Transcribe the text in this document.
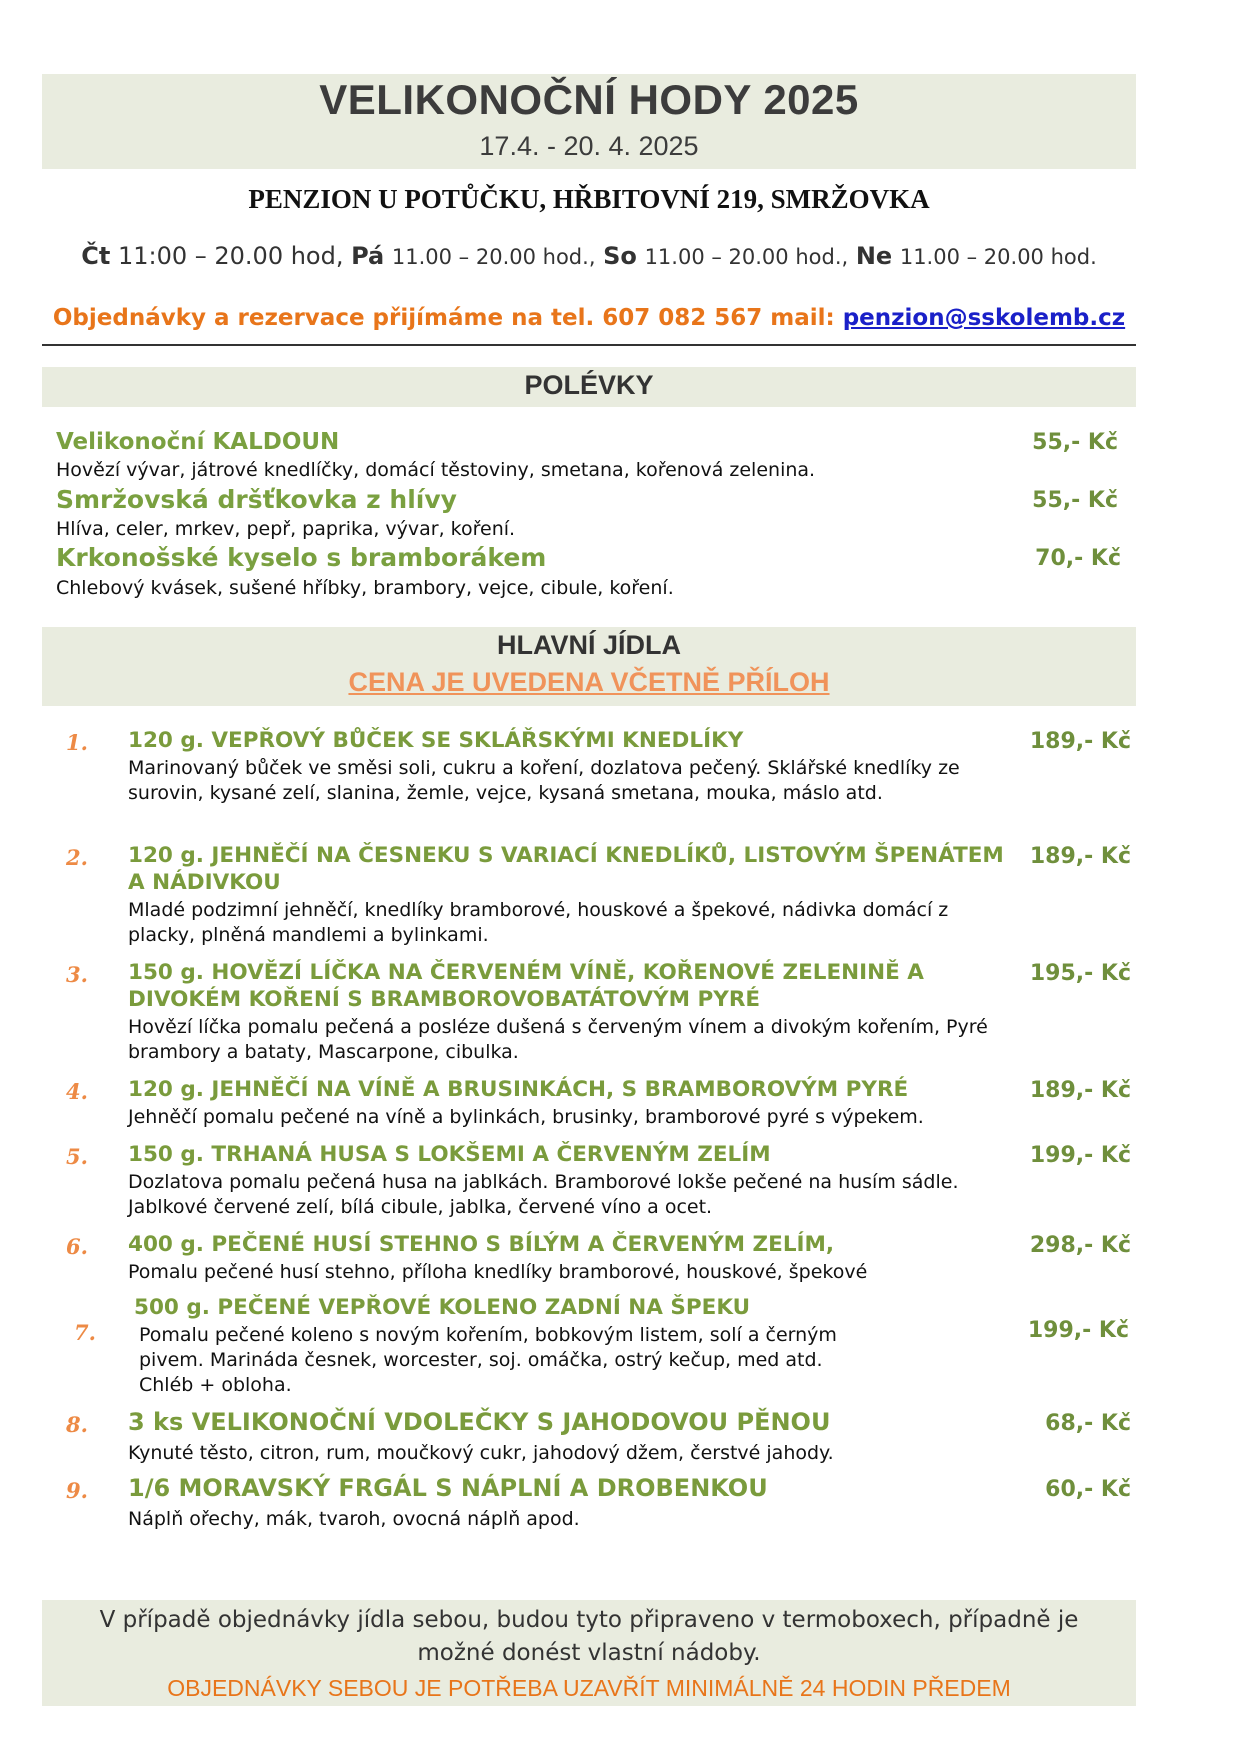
VELIKONOČNÍ HODY 2025
17.4. - 20. 4. 2025
PENZION U POTŮČKU, HŘBITOVNÍ 219, SMRŽOVKA
Čt 11:00 – 20.00 hod, Pá 11.00 – 20.00 hod., So 11.00 – 20.00 hod., Ne 11.00 – 20.00 hod.
Objednávky a rezervace přijímáme na tel. 607 082 567 mail: penzion@sskolemb.cz
POLÉVKY
Velikonoční KALDOUN
Hovězí vývar, játrové knedlíčky, domácí těstoviny, smetana, kořenová zelenina.
55,- Kč
Smržovská dršťkovka z hlívy
Hlíva, celer, mrkev, pepř, paprika, vývar, koření.
55,- Kč
Krkonošské kyselo s bramborákem
Chlebový kvásek, sušené hříbky, brambory, vejce, cibule, koření.
70,- Kč
HLAVNÍ JÍDLA
CENA JE UVEDENA VČETNĚ PŘÍLOH
1. 120 g. VEPŘOVÝ BŮČEK SE SKLÁŘSKÝMI KNEDLÍKY
Marinovaný bůček ve směsi soli, cukru a koření, dozlatova pečený. Sklářské knedlíky ze surovin, kysané zelí, slanina, žemle, vejce, kysaná smetana, mouka, máslo atd.
189,- Kč
2. 120 g. JEHNĚČÍ NA ČESNEKU S VARIACÍ KNEDLÍKŮ, LISTOVÝM ŠPENÁTEM A NÁDIVKOU
Mladé podzimní jehněčí, knedlíky bramborové, houskové a špekové, nádivka domácí z placky, plněná mandlemi a bylinkami.
189,- Kč
3. 150 g. HOVĚZÍ LÍČKA NA ČERVENÉM VÍNĚ, KOŘENOVÉ ZELENINĚ A DIVOKÉM KOŘENÍ S BRAMBOROVOBATÁTOVÝM PYRÉ
Hovězí líčka pomalu pečená a posléze dušená s červeným vínem a divokým kořením, Pyré brambory a bataty, Mascarpone, cibulka.
195,- Kč
4. 120 g. JEHNĚČÍ NA VÍNĚ A BRUSINKÁCH, S BRAMBOROVÝM PYRÉ
Jehněčí pomalu pečené na víně a bylinkách, brusinky, bramborové pyré s výpekem.
189,- Kč
5. 150 g. TRHANÁ HUSA S LOKŠEMI A ČERVENÝM ZELÍM
Dozlatova pomalu pečená husa na jablkách. Bramborové lokše pečené na husím sádle. Jablkové červené zelí, bílá cibule, jablka, červené víno a ocet.
199,- Kč
6. 400 g. PEČENÉ HUSÍ STEHNO S BÍLÝM A ČERVENÝM ZELÍM,
Pomalu pečené husí stehno, příloha knedlíky bramborové, houskové, špekové
298,- Kč
7.
500 g. PEČENÉ VEPŘOVÉ KOLENO ZADNÍ NA ŠPEKU
Pomalu pečené koleno s novým kořením, bobkovým listem, solí a černým pivem. Marináda česnek, worcester, soj. omáčka, ostrý kečup, med atd. Chléb + obloha.
199,- Kč
8. 3 ks VELIKONOČNÍ VDOLEČKY S JAHODOVOU PĚNOU
Kynuté těsto, citron, rum, moučkový cukr, jahodový džem, čerstvé jahody.
68,- Kč
9. 1/6 MORAVSKÝ FRGÁL S NÁPLNÍ A DROBENKOU
Náplň ořechy, mák, tvaroh, ovocná náplň apod.
60,- Kč
V případě objednávky jídla sebou, budou tyto připraveno v termoboxech, případně je možné donést vlastní nádoby.
OBJEDNÁVKY SEBOU JE POTŘEBA UZAVŘÍT MINIMÁLNĚ 24 HODIN PŘEDEM
